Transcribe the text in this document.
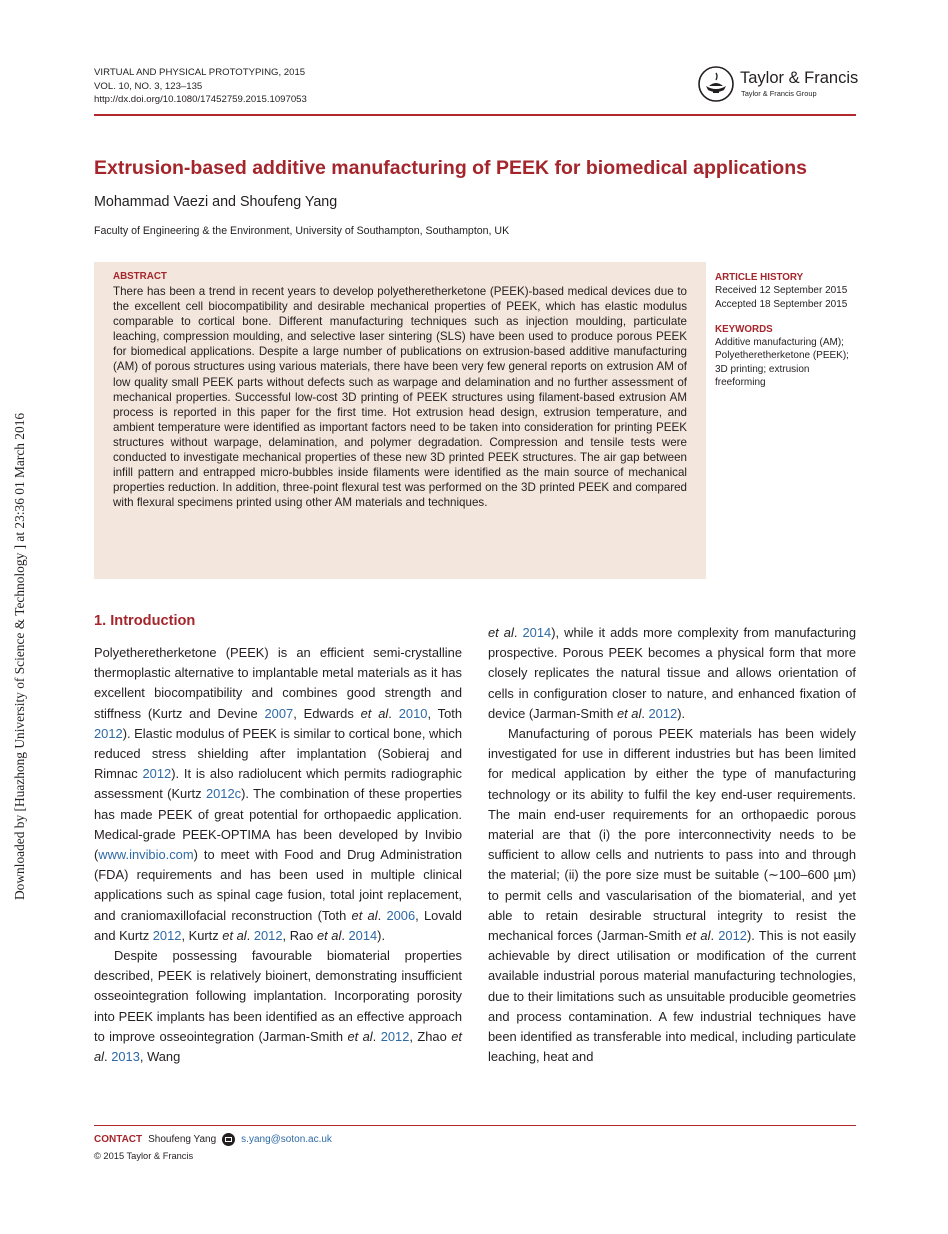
Downloaded by [Huazhong University of Science & Technology ] at 23:36 01 March 2016
VIRTUAL AND PHYSICAL PROTOTYPING, 2015
VOL. 10, NO. 3, 123–135
http://dx.doi.org/10.1080/17452759.2015.1097053
Taylor & Francis
Taylor & Francis Group
Extrusion-based additive manufacturing of PEEK for biomedical applications
Mohammad Vaezi and Shoufeng Yang
Faculty of Engineering & the Environment, University of Southampton, Southampton, UK
ABSTRACT
There has been a trend in recent years to develop polyetheretherketone (PEEK)-based medical devices due to the excellent cell biocompatibility and desirable mechanical properties of PEEK, which has elastic modulus comparable to cortical bone. Different manufacturing techniques such as injection moulding, particulate leaching, compression moulding, and selective laser sintering (SLS) have been used to produce porous PEEK for biomedical applications. Despite a large number of publications on extrusion-based additive manufacturing (AM) of porous structures using various materials, there have been very few general reports on extrusion AM of low quality small PEEK parts without defects such as warpage and delamination and no further assessment of mechanical properties. Successful low-cost 3D printing of PEEK structures using filament-based extrusion AM process is reported in this paper for the first time. Hot extrusion head design, extrusion temperature, and ambient temperature were identified as important factors need to be taken into consideration for printing PEEK structures without warpage, delamination, and polymer degradation. Compression and tensile tests were conducted to investigate mechanical properties of these new 3D printed PEEK structures. The air gap between infill pattern and entrapped micro-bubbles inside filaments were identified as the main source of mechanical properties reduction. In addition, three-point flexural test was performed on the 3D printed PEEK and compared with flexural specimens printed using other AM materials and techniques.
ARTICLE HISTORY
Received 12 September 2015
Accepted 18 September 2015
KEYWORDS
Additive manufacturing (AM); Polyetheretherketone (PEEK); 3D printing; extrusion freeforming
1. Introduction

Polyetheretherketone (PEEK) is an efficient semi-crystalline thermoplastic alternative to implantable metal materials as it has excellent biocompatibility and combines good strength and stiffness (Kurtz and Devine 2007, Edwards et al. 2010, Toth 2012). Elastic modulus of PEEK is similar to cortical bone, which reduced stress shielding after implantation (Sobieraj and Rimnac 2012). It is also radiolucent which permits radiographic assessment (Kurtz 2012c). The combination of these properties has made PEEK of great potential for orthopaedic application. Medical-grade PEEK-OPTIMA has been developed by Invibio (www.invibio.com) to meet with Food and Drug Administration (FDA) requirements and has been used in multiple clinical applications such as spinal cage fusion, total joint replacement, and craniomaxillofacial reconstruction (Toth et al. 2006, Lovald and Kurtz 2012, Kurtz et al. 2012, Rao et al. 2014).

Despite possessing favourable biomaterial properties described, PEEK is relatively bioinert, demonstrating insufficient osseointegration following implantation. Incorporating porosity into PEEK implants has been identified as an effective approach to improve osseointegration (Jarman-Smith et al. 2012, Zhao et al. 2013, Wang

et al. 2014), while it adds more complexity from manufacturing prospective. Porous PEEK becomes a physical form that more closely replicates the natural tissue and allows orientation of cells in configuration closer to nature, and enhanced fixation of device (Jarman-Smith et al. 2012).

Manufacturing of porous PEEK materials has been widely investigated for use in different industries but has been limited for medical application by either the type of manufacturing technology or its ability to fulfil the key end-user requirements. The main end-user requirements for an orthopaedic porous material are that (i) the pore interconnectivity needs to be sufficient to allow cells and nutrients to pass into and through the material; (ii) the pore size must be suitable (∼100–600 µm) to permit cells and vascularisation of the biomaterial, and yet able to retain desirable structural integrity to resist the mechanical forces (Jarman-Smith et al. 2012). This is not easily achievable by direct utilisation or modification of the current available industrial porous material manufacturing technologies, due to their limitations such as unsuitable producible geometries and process contamination. A few industrial techniques have been identified as transferable into medical, including particulate leaching, heat and

CONTACT Shoufeng Yang	s.yang@soton.ac.uk
© 2015 Taylor & Francis
